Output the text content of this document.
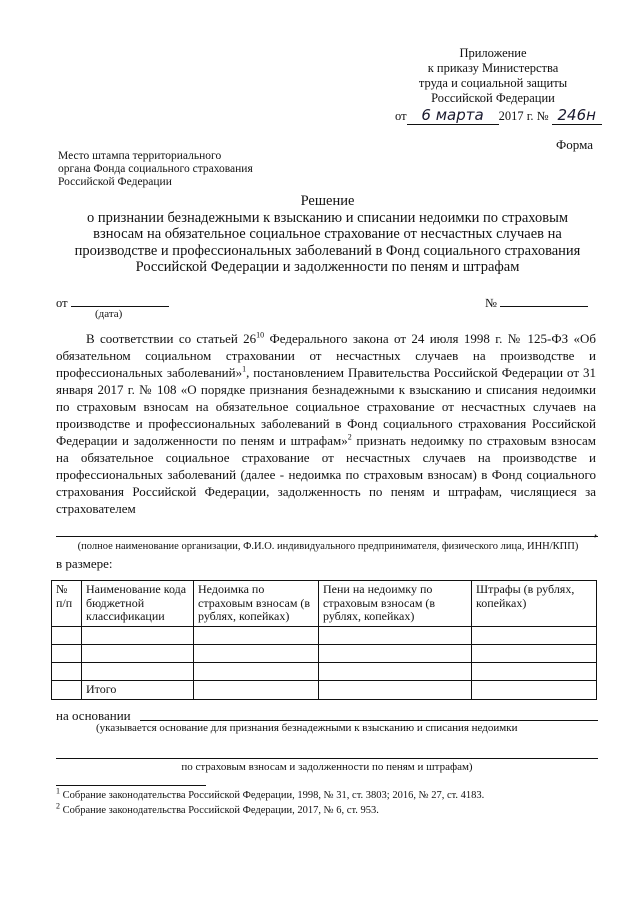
Приложение
к приказу Министерства
труда и социальной защиты
Российской Федерации
от 6 марта 2017 г. № 246н
Форма
Место штампа территориального
органа Фонда социального страхования
Российской Федерации
Решение
о признании безнадежными к взысканию и списании недоимки по страховым
взносам на обязательное социальное страхование от несчастных случаев на
производстве и профессиональных заболеваний в Фонд социального страхования
Российской Федерации и задолженности по пеням и штрафам
от
(дата)
№
В соответствии со статьей $26^{10}$ Федерального закона от 24 июля 1998 г. № 125-ФЗ «Об обязательном социальном страховании от несчастных случаев на производстве и профессиональных заболеваний»$^1$, постановлением Правительства Российской Федерации от 31 января 2017 г. № 108 «О порядке признания безнадежными к взысканию и списания недоимки по страховым взносам на обязательное социальное страхование от несчастных случаев на производстве и профессиональных заболеваний в Фонд социального страхования Российской Федерации и задолженности по пеням и штрафам»$^2$ признать недоимку по страховым взносам на обязательное социальное страхование от несчастных случаев на производстве и профессиональных заболеваний (далее - недоимка по страховым взносам) в Фонд социального страхования Российской Федерации, задолженность по пеням и штрафам, числящиеся за страхователем
,
(полное наименование организации, Ф.И.О. индивидуального предпринимателя, физического лица, ИНН/КПП)
в размере:
№ п/п	Наименование кода бюджетной классификации	Недоимка по страховым взносам (в рублях, копейках)	Пени на недоимку по страховым взносам (в рублях, копейках)	Штрафы (в рублях, копейках)

	Итого			
на основании
(указывается основание для признания безнадежными к взысканию и списания недоимки
по страховым взносам и задолженности по пеням и штрафам)
$^1$ Собрание законодательства Российской Федерации, 1998, № 31, ст. 3803; 2016, № 27, ст. 4183.
$^2$ Собрание законодательства Российской Федерации, 2017, № 6, ст. 953.
